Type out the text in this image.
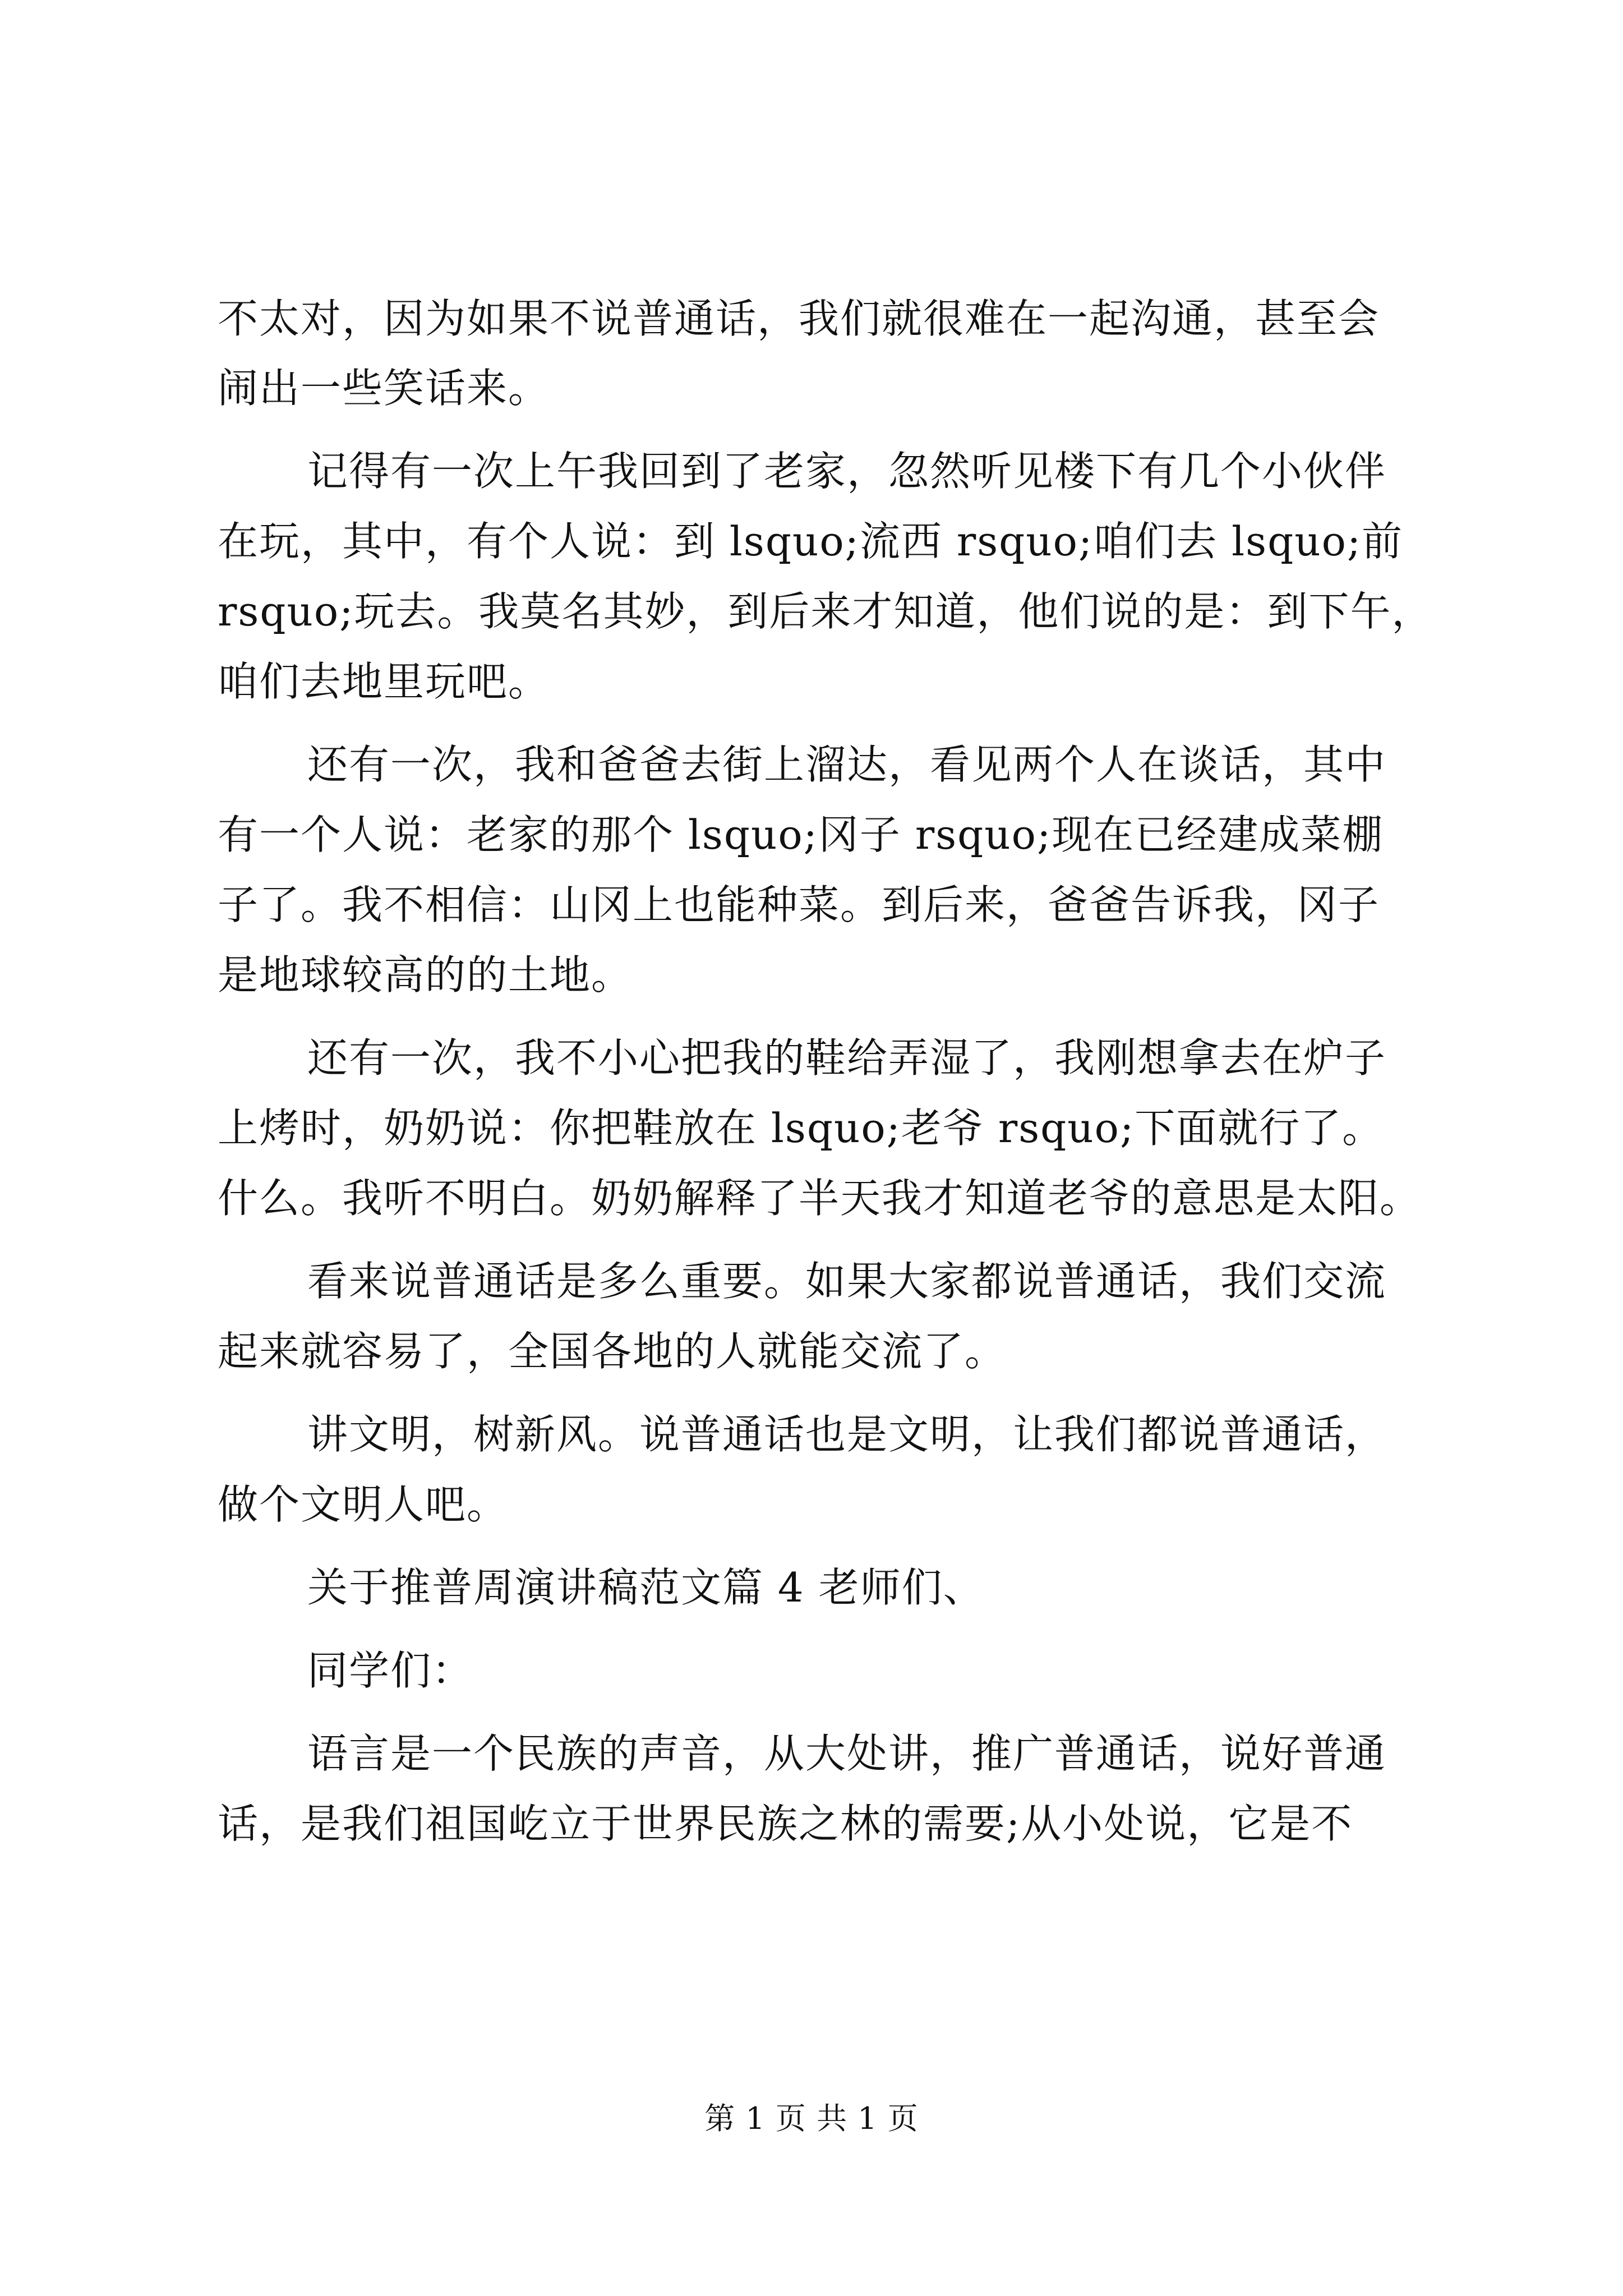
不太对，因为如果不说普通话，我们就很难在一起沟通，甚至会
闹出一些笑话来。
记得有一次上午我回到了老家，忽然听见楼下有几个小伙伴
在玩，其中，有个人说：到 lsquo;流西 rsquo;咱们去 lsquo;前
rsquo;玩去。我莫名其妙，到后来才知道，他们说的是：到下午，
咱们去地里玩吧。
还有一次，我和爸爸去街上溜达，看见两个人在谈话，其中
有一个人说：老家的那个 lsquo;冈子 rsquo;现在已经建成菜棚
子了。我不相信：山冈上也能种菜。到后来，爸爸告诉我，冈子
是地球较高的的土地。
还有一次，我不小心把我的鞋给弄湿了，我刚想拿去在炉子
上烤时，奶奶说：你把鞋放在 lsquo;老爷 rsquo;下面就行了。
什么。我听不明白。奶奶解释了半天我才知道老爷的意思是太阳。
看来说普通话是多么重要。如果大家都说普通话，我们交流
起来就容易了，全国各地的人就能交流了。
讲文明，树新风。说普通话也是文明，让我们都说普通话，
做个文明人吧。
关于推普周演讲稿范文篇 4 老师们、
同学们：
语言是一个民族的声音，从大处讲，推广普通话，说好普通
话，是我们祖国屹立于世界民族之林的需要;从小处说，它是不
第 1 页 共 1 页
